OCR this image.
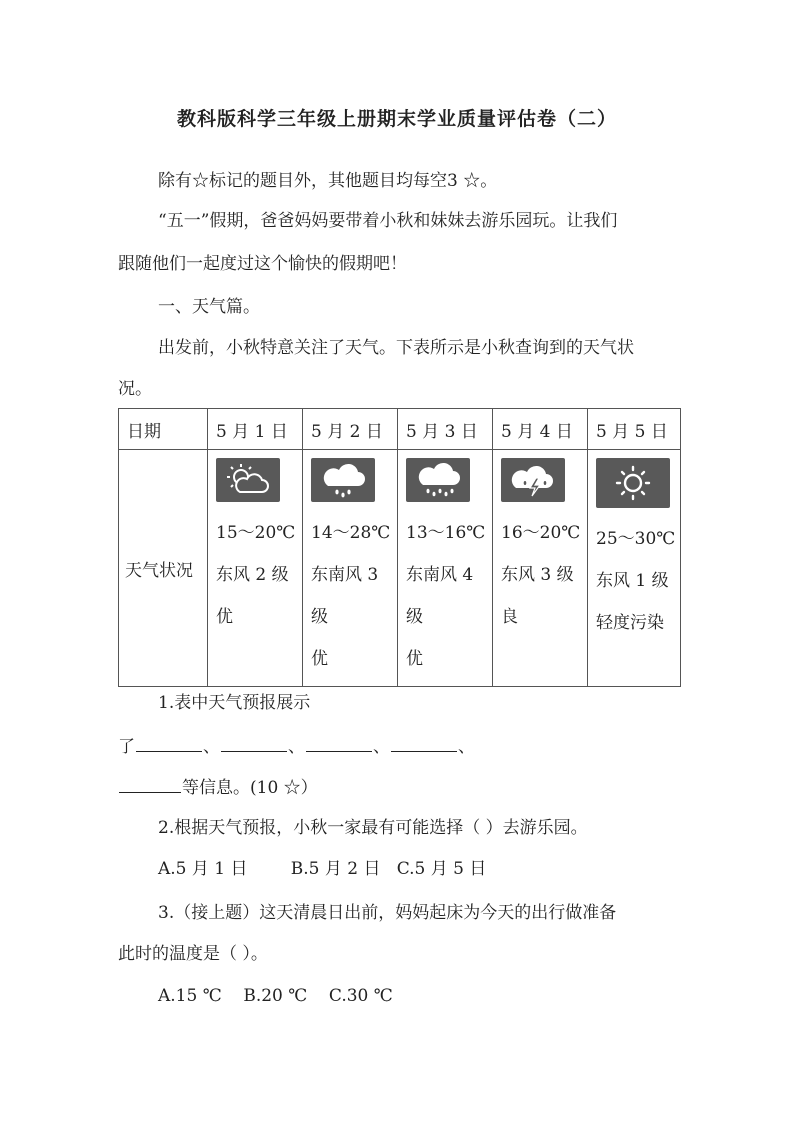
教科版科学三年级上册期末学业质量评估卷（二）
除有☆标记的题目外，其他题目均每空3 ☆。
“五一”假期，爸爸妈妈要带着小秋和妹妹去游乐园玩。让我们
跟随他们一起度过这个愉快的假期吧！
一、天气篇。
出发前，小秋特意关注了天气。下表所示是小秋查询到的天气状
况。
日期	5 月 1 日	5 月 2 日	5 月 3 日	5 月 4 日	5 月 5 日
天气状况	15～20℃
东风 2 级
优	14～28℃
东南风 3
级
优	13～16℃
东南风 4
级
优	16～20℃
东风 3 级
良	25～30℃
东风 1 级
轻度污染
1.表中天气预报展示
了	、	、	、	、
等信息。(10 ☆）
2.根据天气预报，小秋一家最有可能选择（ ）去游乐园。
A.5 月 1 日        B.5 月 2 日   C.5 月 5 日
3.（接上题）这天清晨日出前，妈妈起床为今天的出行做准备
此时的温度是（ ）。
A.15 ℃    B.20 ℃    C.30 ℃
